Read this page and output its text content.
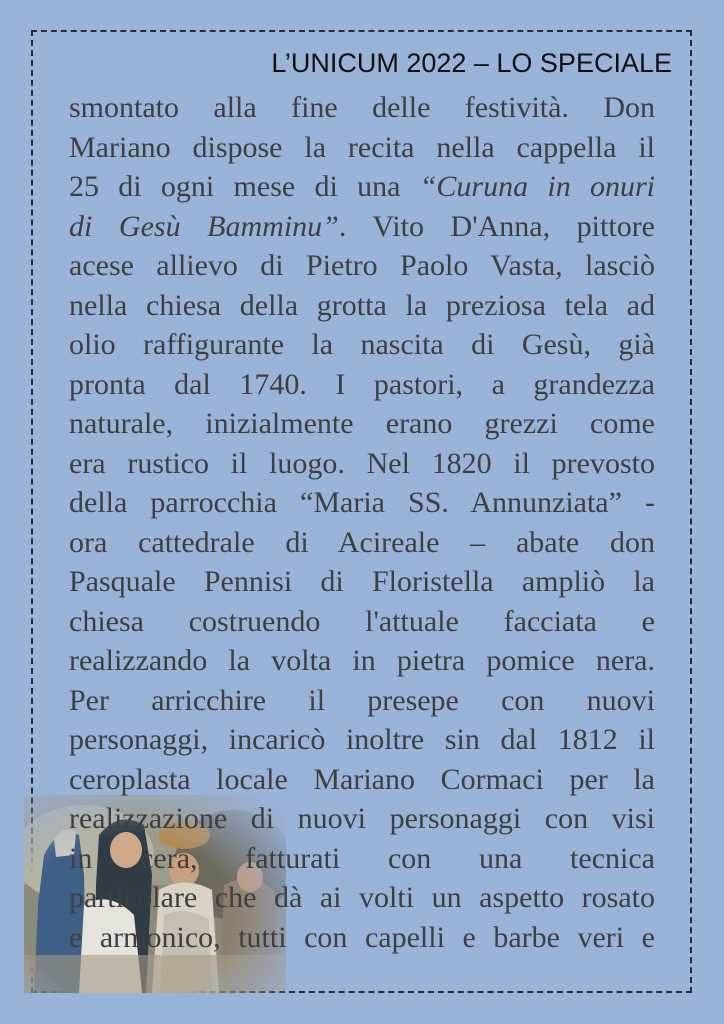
L’UNICUM 2022 – LO SPECIALE
smontato alla fine delle festività. Don
Mariano dispose la recita nella cappella il
25 di ogni mese di una “Curuna in onuri
di Gesù Bamminu”. Vito D'Anna, pittore
acese allievo di Pietro Paolo Vasta, lasciò
nella chiesa della grotta la preziosa tela ad
olio raffigurante la nascita di Gesù, già
pronta dal 1740. I pastori, a grandezza
naturale, inizialmente erano grezzi come
era rustico il luogo. Nel 1820 il prevosto
della parrocchia “Maria SS. Annunziata” -
ora cattedrale di Acireale – abate don
Pasquale Pennisi di Floristella ampliò la
chiesa costruendo l'attuale facciata e
realizzando la volta in pietra pomice nera.
Per arricchire il presepe con nuovi
personaggi, incaricò inoltre sin dal 1812 il
ceroplasta locale Mariano Cormaci per la
realizzazione di nuovi personaggi con visi
in cera, fatturati con una tecnica
particolare che dà ai volti un aspetto rosato
e armonico, tutti con capelli e barbe veri e
